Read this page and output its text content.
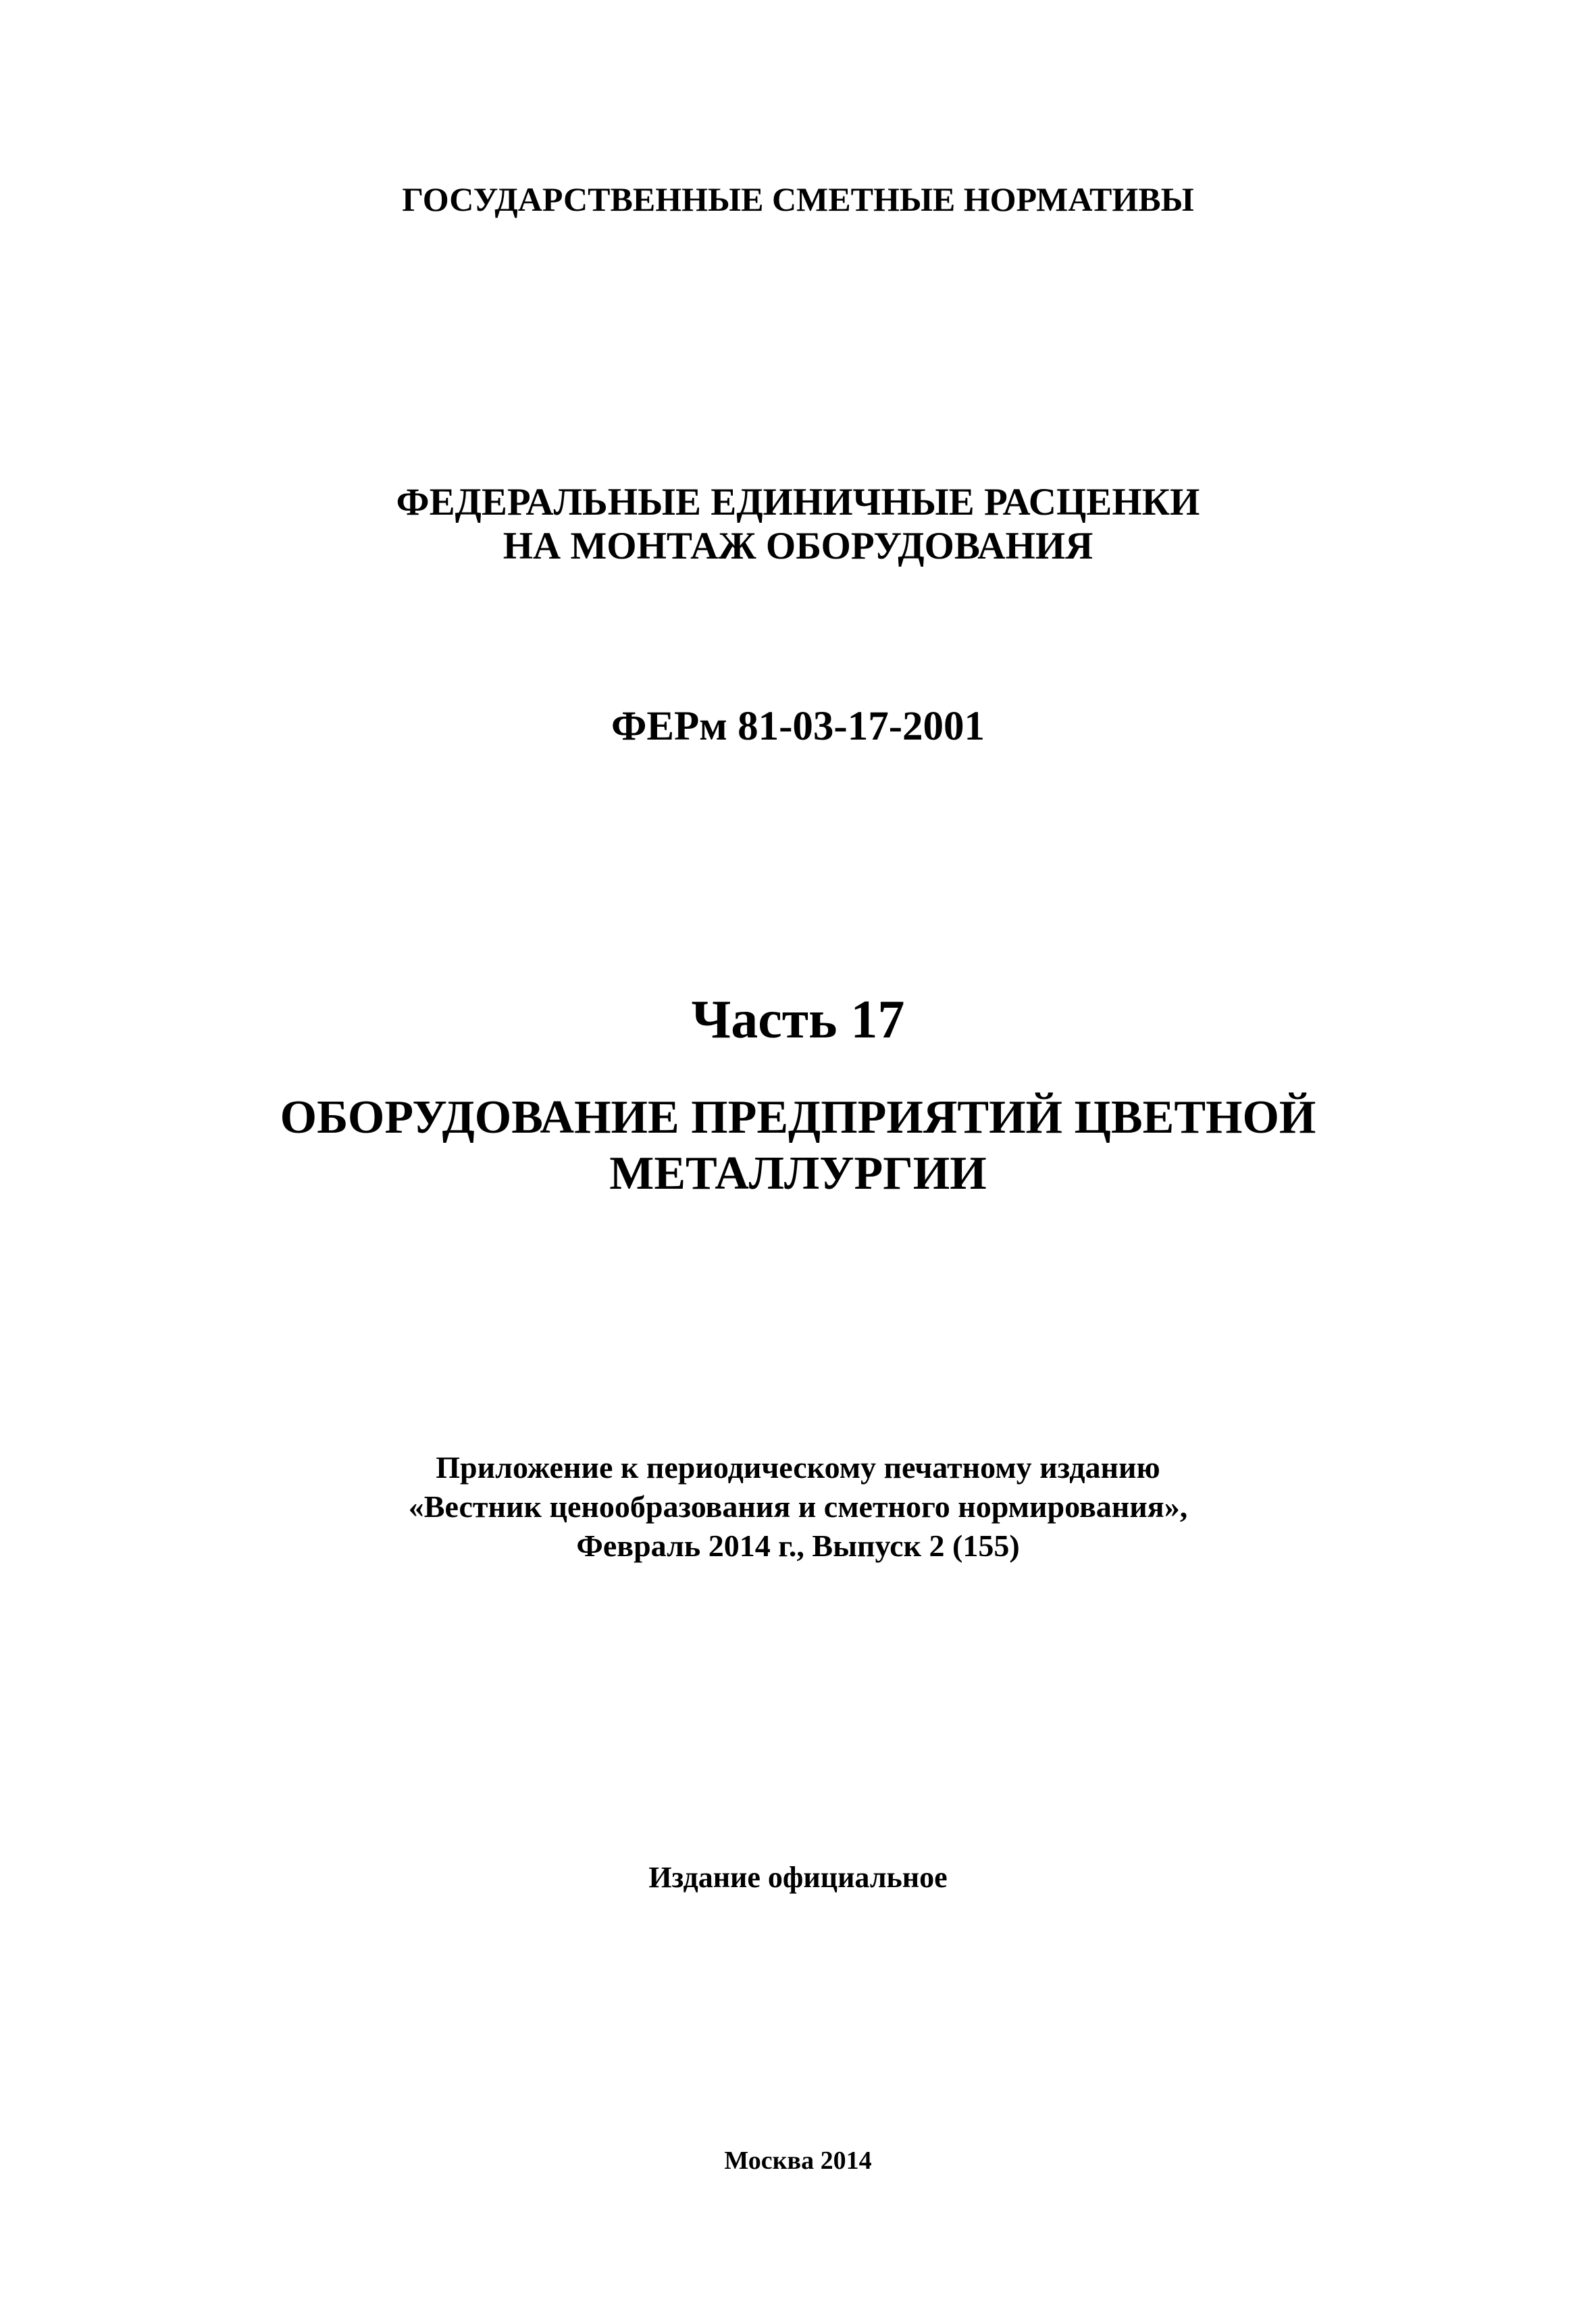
ГОСУДАРСТВЕННЫЕ СМЕТНЫЕ НОРМАТИВЫ
ФЕДЕРАЛЬНЫЕ ЕДИНИЧНЫЕ РАСЦЕНКИ
НА МОНТАЖ ОБОРУДОВАНИЯ
ФЕРм 81-03-17-2001
Часть 17
ОБОРУДОВАНИЕ ПРЕДПРИЯТИЙ ЦВЕТНОЙ
МЕТАЛЛУРГИИ
Приложение к периодическому печатному изданию
«Вестник ценообразования и сметного нормирования»,
Февраль 2014 г., Выпуск 2 (155)
Издание официальное
Москва 2014
